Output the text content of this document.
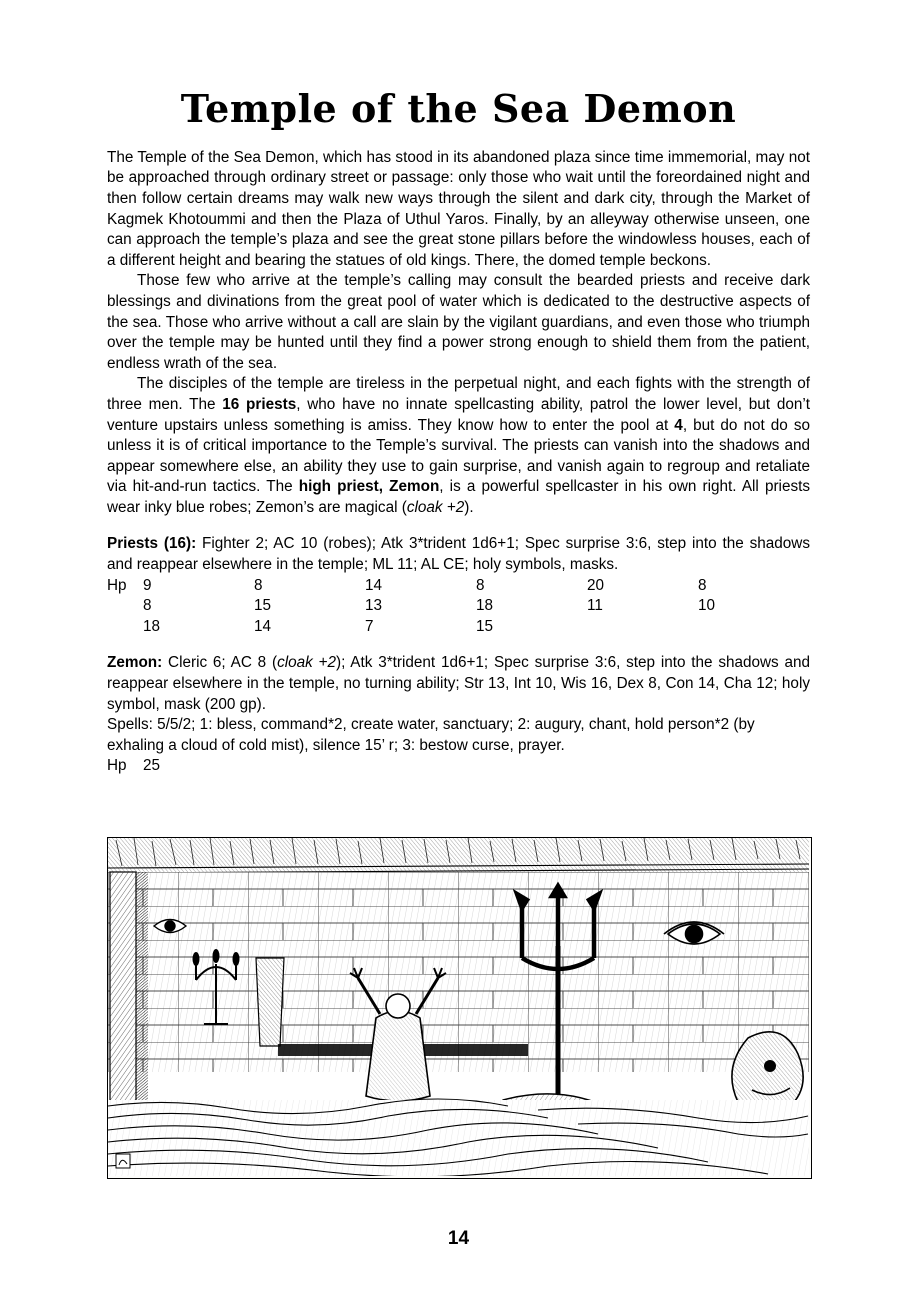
Temple of the Sea Demon

The Temple of the Sea Demon, which has stood in its abandoned plaza since time immemorial, may not be approached through ordinary street or passage: only those who wait until the foreordained night and then follow certain dreams may walk new ways through the silent and dark city, through the Market of Kagmek Khotoummi and then the Plaza of Uthul Yaros. Finally, by an alleyway otherwise unseen, one can approach the temple’s plaza and see the great stone pillars before the windowless houses, each of a different height and bearing the statues of old kings. There, the domed temple beckons.

Those few who arrive at the temple’s calling may consult the bearded priests and receive dark blessings and divinations from the great pool of water which is dedicated to the destructive aspects of the sea. Those who arrive without a call are slain by the vigilant guardians, and even those who triumph over the temple may be hunted until they find a power strong enough to shield them from the patient, endless wrath of the sea.

The disciples of the temple are tireless in the perpetual night, and each fights with the strength of three men. The 16 priests, who have no innate spellcasting ability, patrol the lower level, but don’t venture upstairs unless something is amiss. They know how to enter the pool at 4, but do not do so unless it is of critical importance to the Temple’s survival. The priests can vanish into the shadows and appear somewhere else, an ability they use to gain surprise, and vanish again to regroup and retaliate via hit-and-run tactics. The high priest, Zemon, is a powerful spellcaster in his own right. All priests wear inky blue robes; Zemon’s are magical (cloak +2).

Priests (16): Fighter 2; AC 10 (robes); Atk 3*trident 1d6+1; Spec surprise 3:6, step into the shadows and reappear elsewhere in the temple; ML 11; AL CE; holy symbols, masks.

Hp	9	8	14	8	20	8
	8	15	13	18	11	10
	18	14	7	15		

Zemon: Cleric 6; AC 8 (cloak +2); Atk 3*trident 1d6+1; Spec surprise 3:6, step into the shadows and reappear elsewhere in the temple, no turning ability; Str 13, Int 10, Wis 16, Dex 8, Con 14, Cha 12; holy symbol, mask (200 gp).

Spells: 5/5/2; 1: bless, command*2, create water, sanctuary; 2: augury, chant, hold person*2 (by exhaling a cloud of cold mist), silence 15’ r; 3: bestow curse, prayer.

Hp	25
14
